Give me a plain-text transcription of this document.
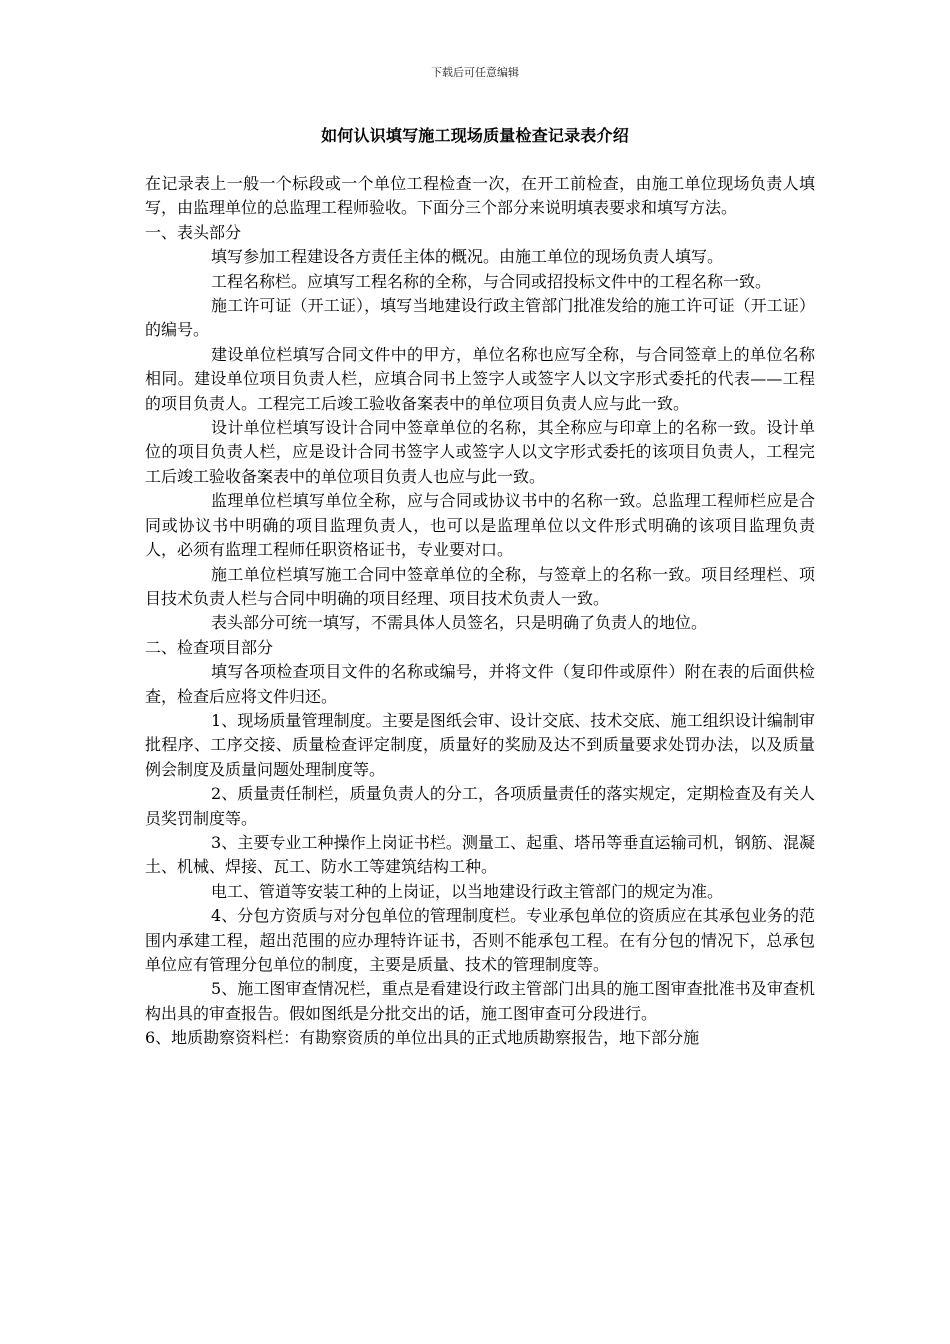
下载后可任意编辑
如何认识填写施工现场质量检查记录表介绍

在记录表上一般一个标段或一个单位工程检查一次，在开工前检查，由施工单位现场负责人填写，由监理单位的总监理工程师验收。下面分三个部分来说明填表要求和填写方法。

一、表头部分

填写参加工程建设各方责任主体的概况。由施工单位的现场负责人填写。

工程名称栏。应填写工程名称的全称，与合同或招投标文件中的工程名称一致。

施工许可证（开工证），填写当地建设行政主管部门批准发给的施工许可证（开工证）的编号。

建设单位栏填写合同文件中的甲方，单位名称也应写全称，与合同签章上的单位名称相同。建设单位项目负责人栏，应填合同书上签字人或签字人以文字形式委托的代表——工程的项目负责人。工程完工后竣工验收备案表中的单位项目负责人应与此一致。

设计单位栏填写设计合同中签章单位的名称，其全称应与印章上的名称一致。设计单位的项目负责人栏，应是设计合同书签字人或签字人以文字形式委托的该项目负责人，工程完工后竣工验收备案表中的单位项目负责人也应与此一致。

监理单位栏填写单位全称，应与合同或协议书中的名称一致。总监理工程师栏应是合同或协议书中明确的项目监理负责人，也可以是监理单位以文件形式明确的该项目监理负责人，必须有监理工程师任职资格证书，专业要对口。

施工单位栏填写施工合同中签章单位的全称，与签章上的名称一致。项目经理栏、项目技术负责人栏与合同中明确的项目经理、项目技术负责人一致。

表头部分可统一填写，不需具体人员签名，只是明确了负责人的地位。

二、检查项目部分

填写各项检查项目文件的名称或编号，并将文件（复印件或原件）附在表的后面供检查，检查后应将文件归还。

1、现场质量管理制度。主要是图纸会审、设计交底、技术交底、施工组织设计编制审批程序、工序交接、质量检查评定制度，质量好的奖励及达不到质量要求处罚办法，以及质量例会制度及质量问题处理制度等。

2、质量责任制栏，质量负责人的分工，各项质量责任的落实规定，定期检查及有关人员奖罚制度等。

3、主要专业工种操作上岗证书栏。测量工、起重、塔吊等垂直运输司机，钢筋、混凝土、机械、焊接、瓦工、防水工等建筑结构工种。

电工、管道等安装工种的上岗证，以当地建设行政主管部门的规定为准。

4、分包方资质与对分包单位的管理制度栏。专业承包单位的资质应在其承包业务的范围内承建工程，超出范围的应办理特许证书，否则不能承包工程。在有分包的情况下，总承包单位应有管理分包单位的制度，主要是质量、技术的管理制度等。

5、施工图审查情况栏，重点是看建设行政主管部门出具的施工图审查批准书及审查机构出具的审查报告。假如图纸是分批交出的话，施工图审查可分段进行。

6、地质勘察资料栏：有勘察资质的单位出具的正式地质勘察报告，地下部分施
